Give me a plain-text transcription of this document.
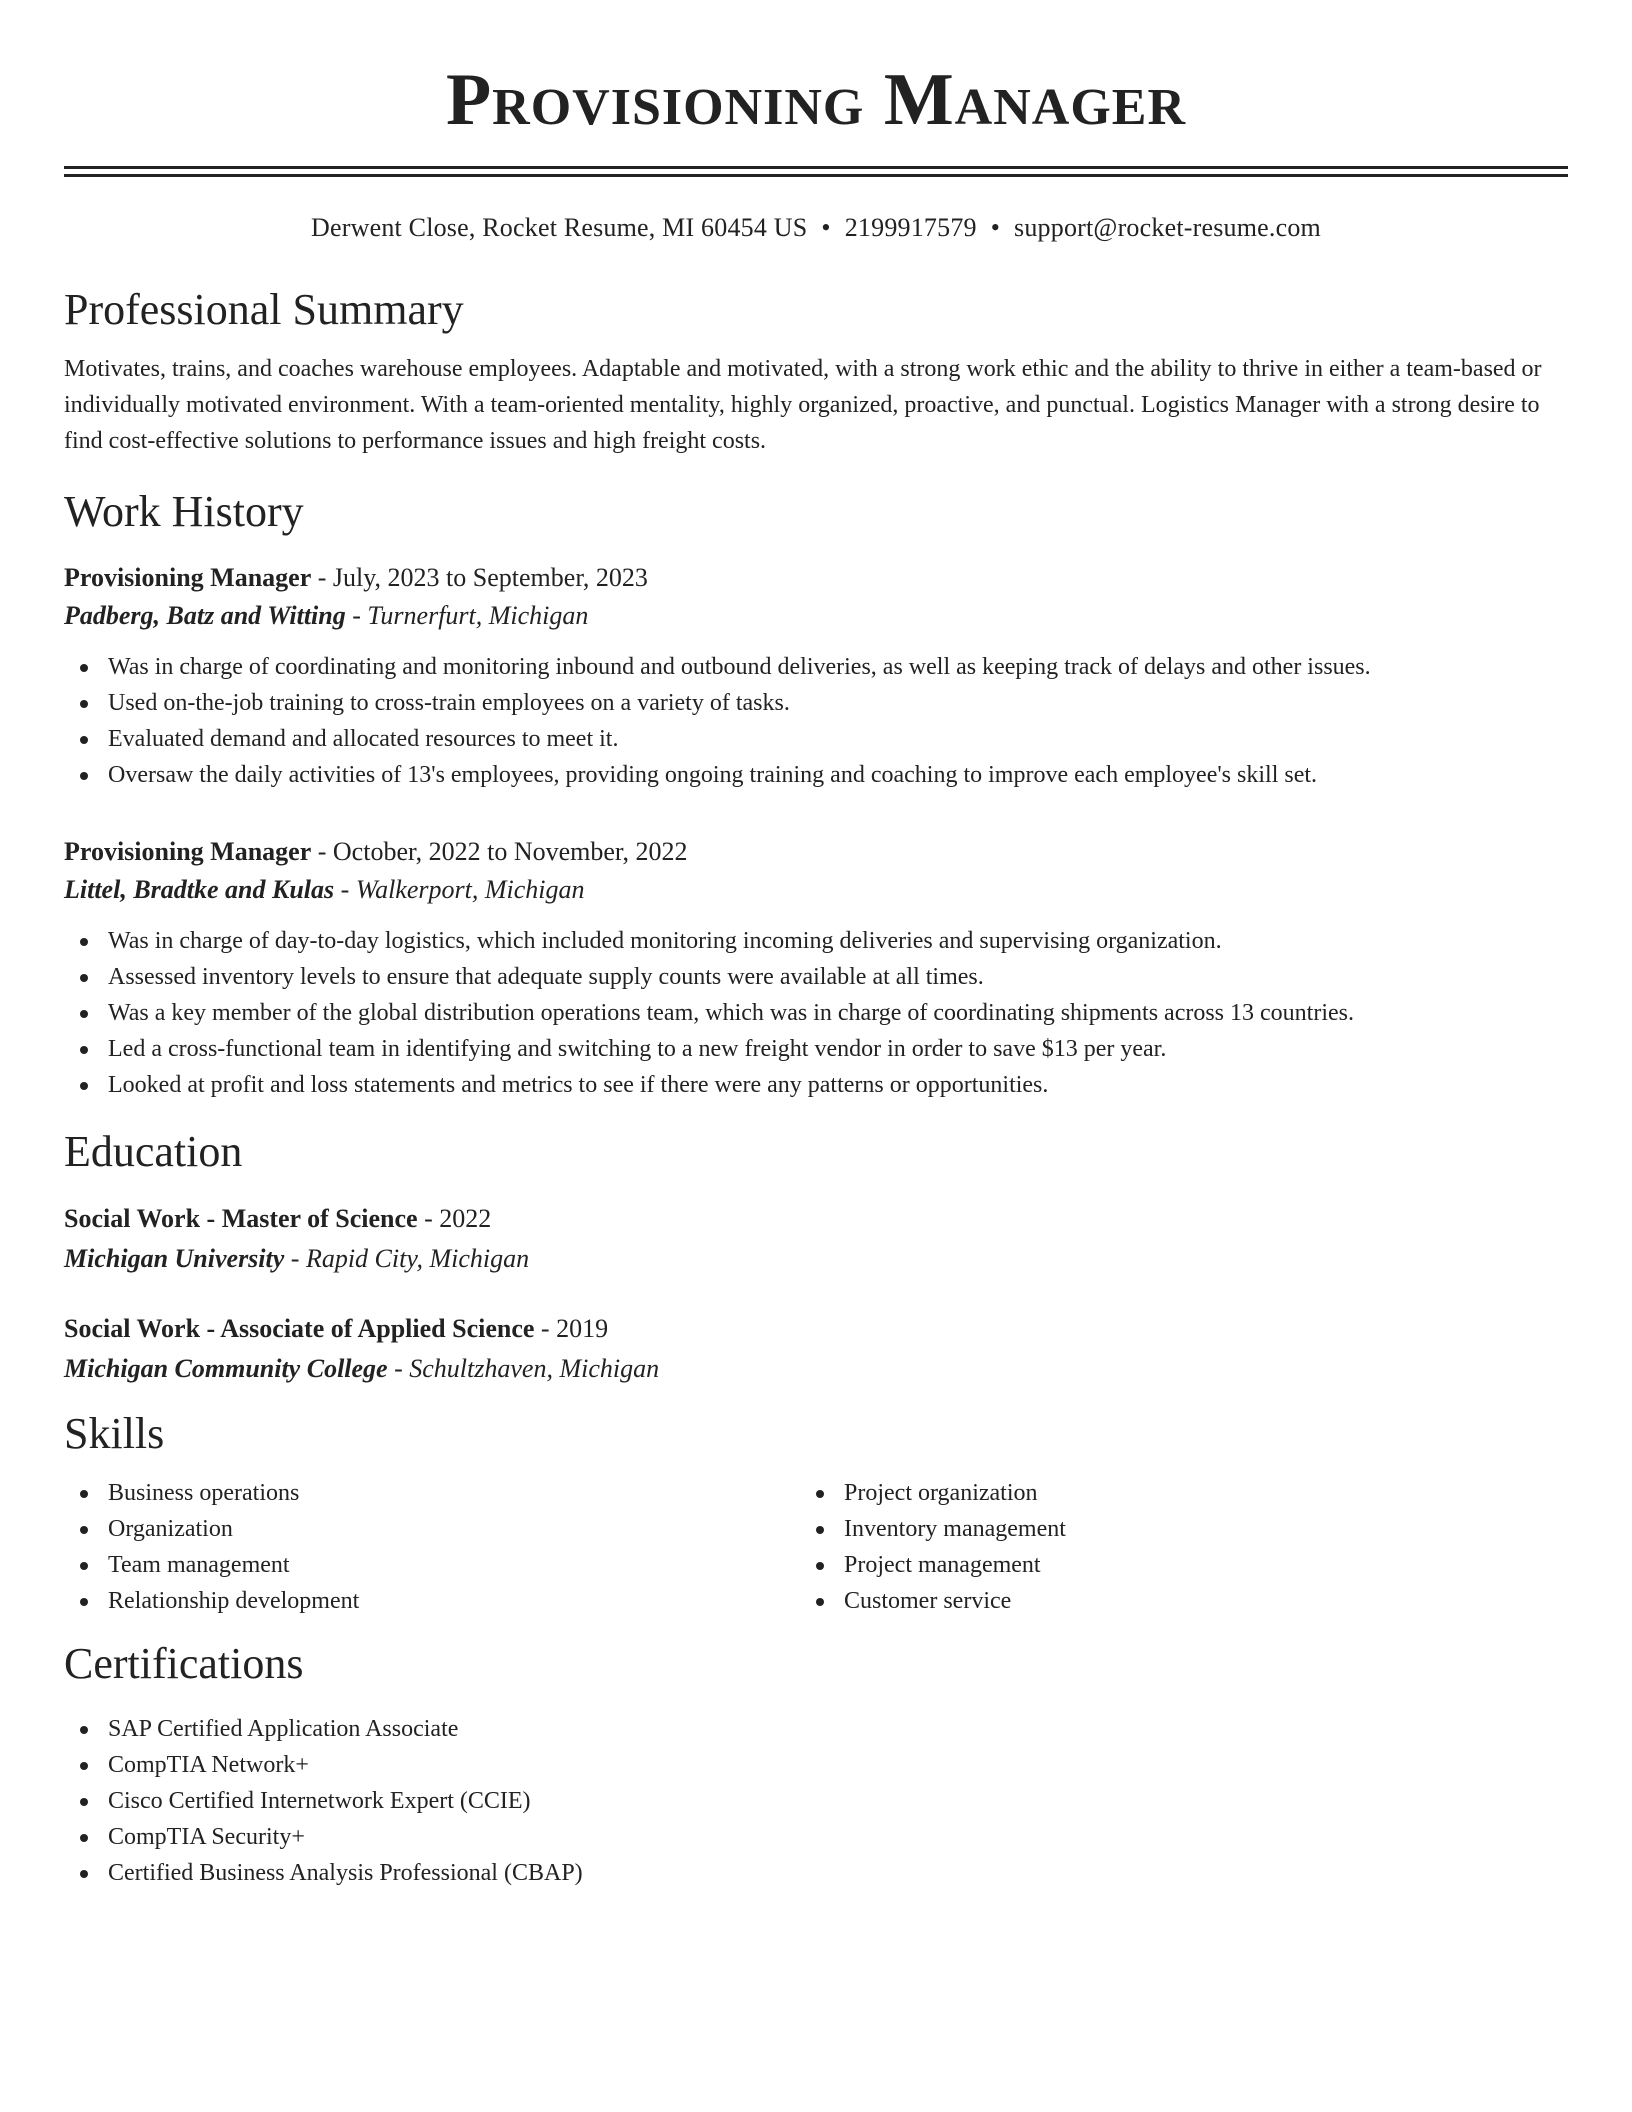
Provisioning Manager
Derwent Close, Rocket Resume, MI 60454 US • 2199917579 • support@rocket-resume.com
Professional Summary

Motivates, trains, and coaches warehouse employees. Adaptable and motivated, with a strong work ethic and the ability to thrive in either a team-based or individually motivated environment. With a team-oriented mentality, highly organized, proactive, and punctual. Logistics Manager with a strong desire to find cost-effective solutions to performance issues and high freight costs.

Work History
Provisioning Manager - July, 2023 to September, 2023
Padberg, Batz and Witting - Turnerfurt, Michigan
Was in charge of coordinating and monitoring inbound and outbound deliveries, as well as keeping track of delays and other issues.
Used on-the-job training to cross-train employees on a variety of tasks.
Evaluated demand and allocated resources to meet it.
Oversaw the daily activities of 13's employees, providing ongoing training and coaching to improve each employee's skill set.
Provisioning Manager - October, 2022 to November, 2022
Littel, Bradtke and Kulas - Walkerport, Michigan
Was in charge of day-to-day logistics, which included monitoring incoming deliveries and supervising organization.
Assessed inventory levels to ensure that adequate supply counts were available at all times.
Was a key member of the global distribution operations team, which was in charge of coordinating shipments across 13 countries.
Led a cross-functional team in identifying and switching to a new freight vendor in order to save $13 per year.
Looked at profit and loss statements and metrics to see if there were any patterns or opportunities.
Education
Social Work - Master of Science - 2022
Michigan University - Rapid City, Michigan
Social Work - Associate of Applied Science - 2019
Michigan Community College - Schultzhaven, Michigan
Skills
Business operations
Organization
Team management
Relationship development
Project organization
Inventory management
Project management
Customer service
Certifications
SAP Certified Application Associate
CompTIA Network+
Cisco Certified Internetwork Expert (CCIE)
CompTIA Security+
Certified Business Analysis Professional (CBAP)
